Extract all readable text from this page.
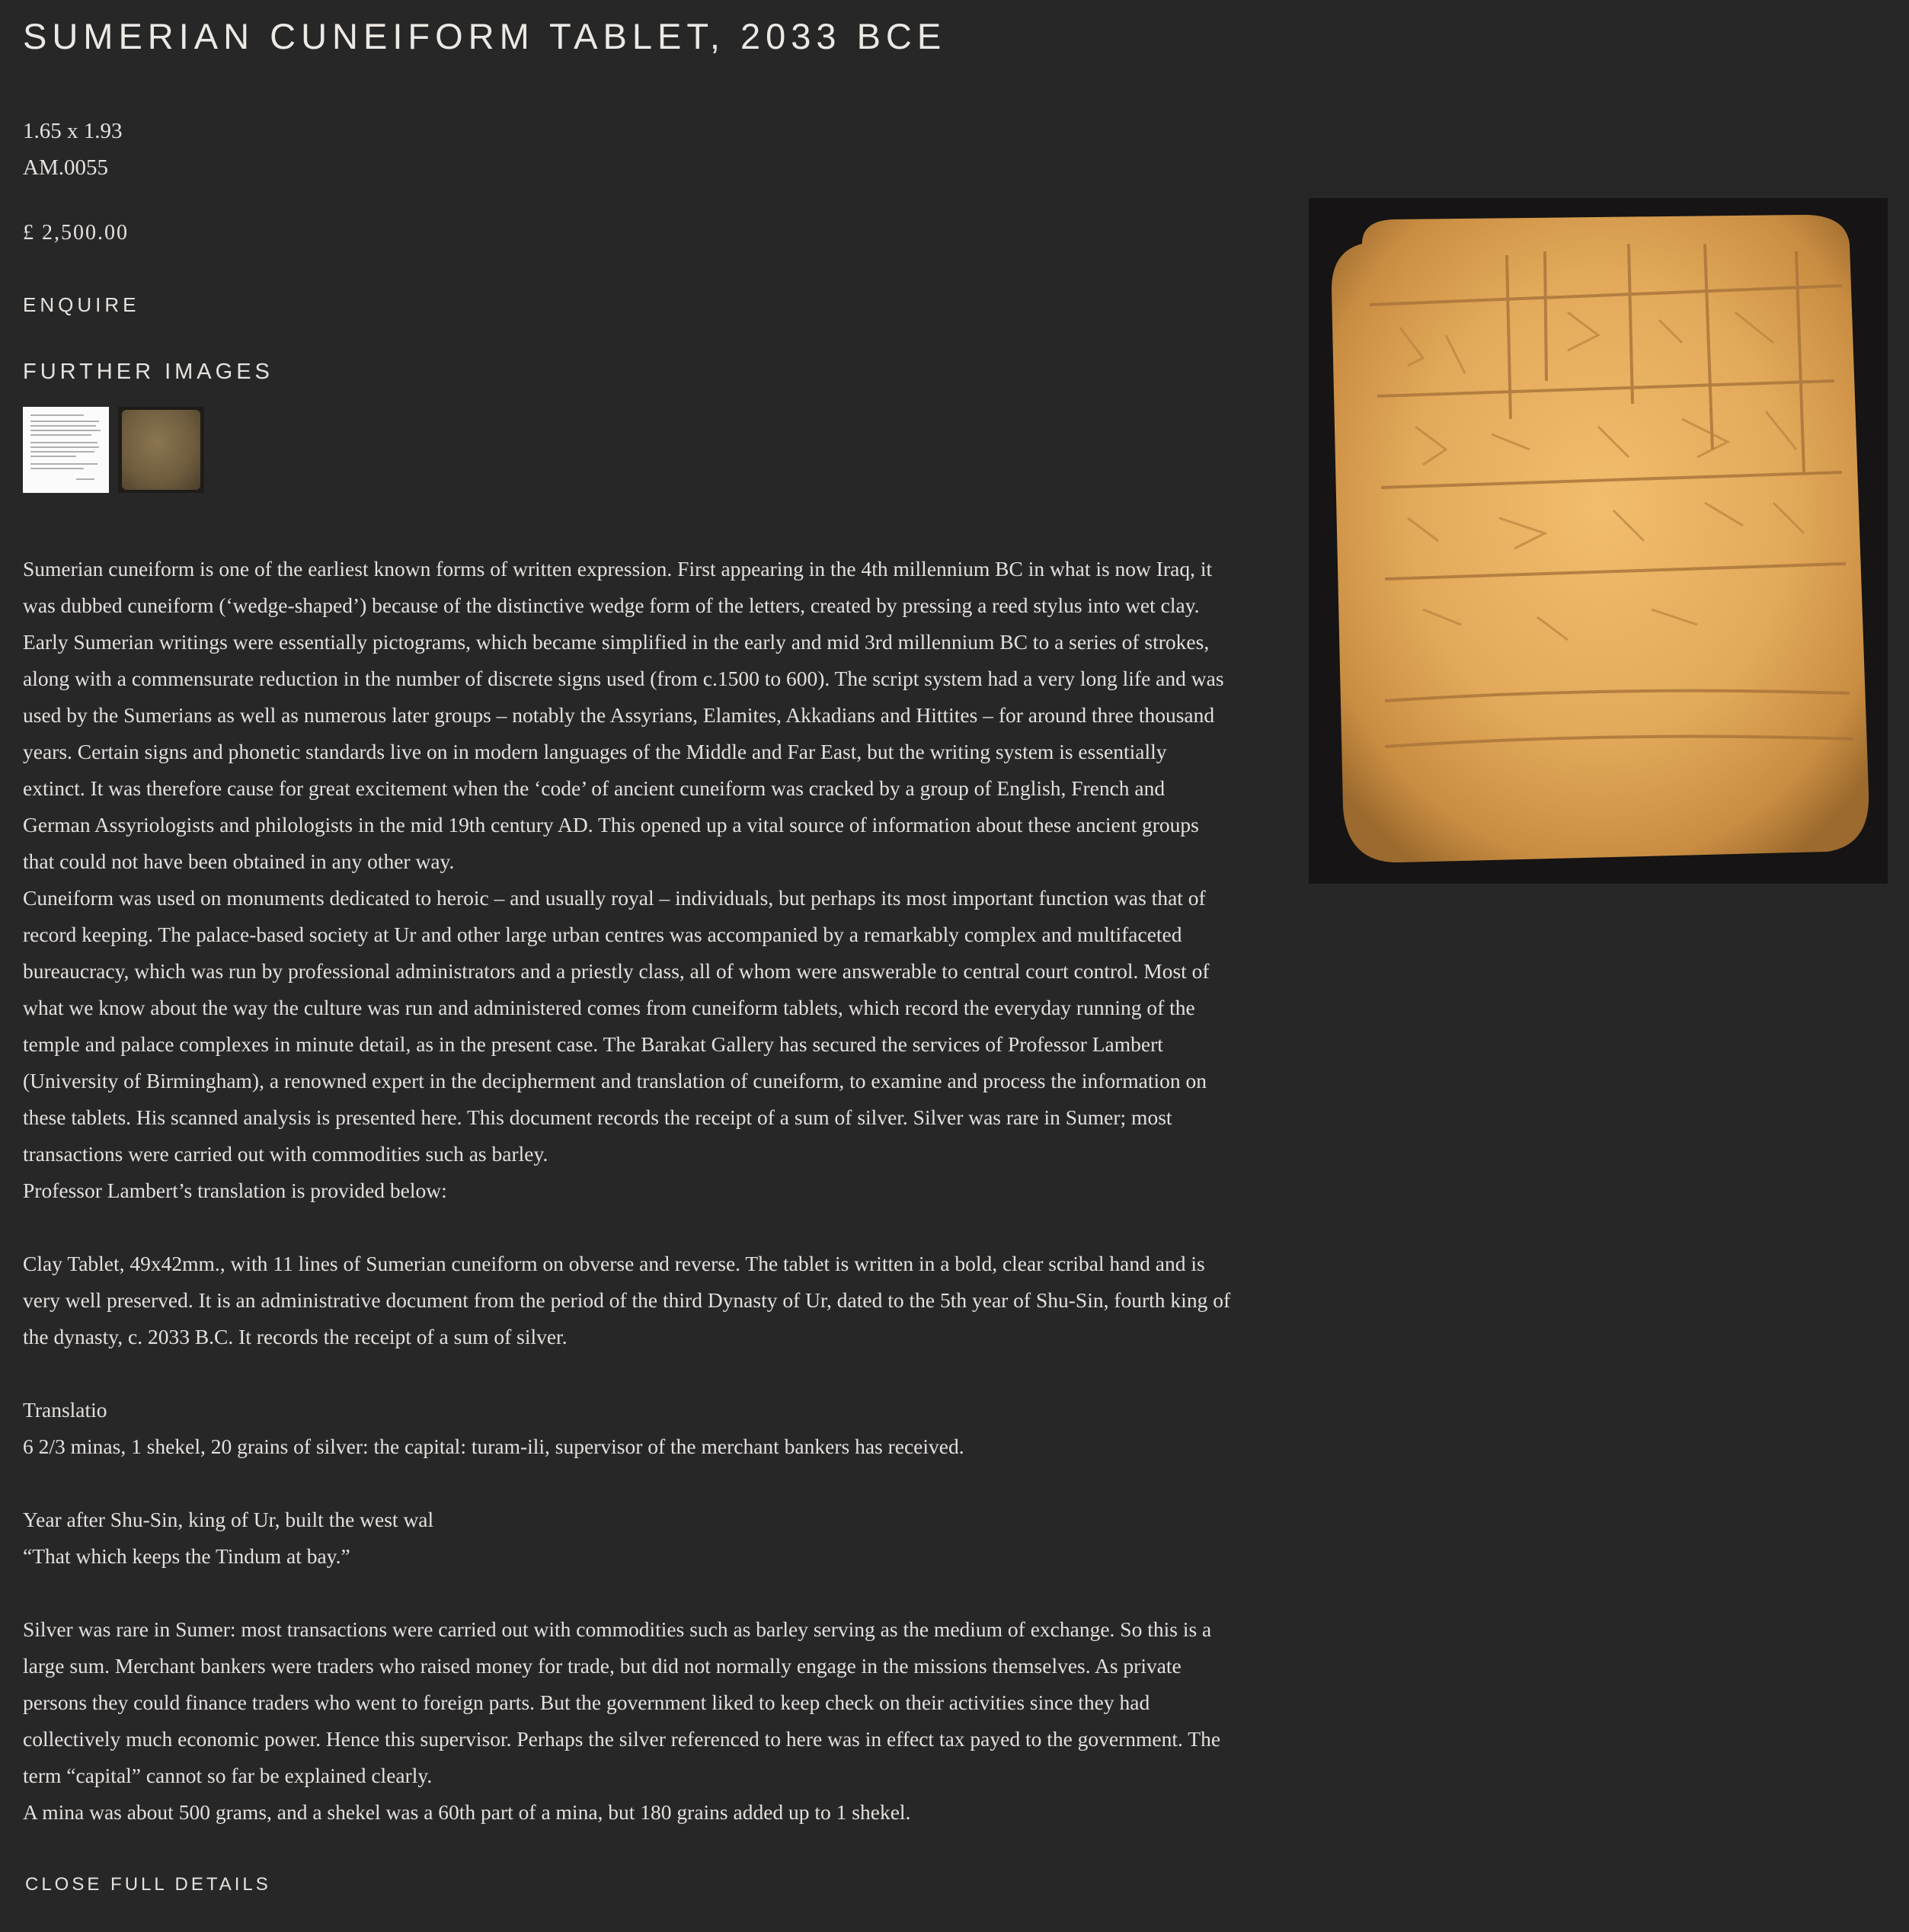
SUMERIAN CUNEIFORM TABLET, 2033 BCE
1.65 x 1.93
AM.0055
£ 2,500.00
ENQUIRE
FURTHER IMAGES

Sumerian cuneiform is one of the earliest known forms of written expression. First appearing in the 4th millennium BC in what is now Iraq, it was dubbed cuneiform (‘wedge-shaped’) because of the distinctive wedge form of the letters, created by pressing a reed stylus into wet clay. Early Sumerian writings were essentially pictograms, which became simplified in the early and mid 3rd millennium BC to a series of strokes, along with a commensurate reduction in the number of discrete signs used (from c.1500 to 600). The script system had a very long life and was used by the Sumerians as well as numerous later groups – notably the Assyrians, Elamites, Akkadians and Hittites – for around three thousand years. Certain signs and phonetic standards live on in modern languages of the Middle and Far East, but the writing system is essentially extinct. It was therefore cause for great excitement when the ‘code’ of ancient cuneiform was cracked by a group of English, French and German Assyriologists and philologists in the mid 19th century AD. This opened up a vital source of information about these ancient groups that could not have been obtained in any other way.

Cuneiform was used on monuments dedicated to heroic – and usually royal – individuals, but perhaps its most important function was that of record keeping. The palace-based society at Ur and other large urban centres was accompanied by a remarkably complex and multifaceted bureaucracy, which was run by professional administrators and a priestly class, all of whom were answerable to central court control. Most of what we know about the way the culture was run and administered comes from cuneiform tablets, which record the everyday running of the temple and palace complexes in minute detail, as in the present case. The Barakat Gallery has secured the services of Professor Lambert (University of Birmingham), a renowned expert in the decipherment and translation of cuneiform, to examine and process the information on these tablets. His scanned analysis is presented here. This document records the receipt of a sum of silver. Silver was rare in Sumer; most transactions were carried out with commodities such as barley.

Professor Lambert’s translation is provided below:

Clay Tablet, 49x42mm., with 11 lines of Sumerian cuneiform on obverse and reverse. The tablet is written in a bold, clear scribal hand and is very well preserved. It is an administrative document from the period of the third Dynasty of Ur, dated to the 5th year of Shu-Sin, fourth king of the dynasty, c. 2033 B.C. It records the receipt of a sum of silver.

Translatio

6 2/3 minas, 1 shekel, 20 grains of silver: the capital: turam-ili, supervisor of the merchant bankers has received.

Year after Shu-Sin, king of Ur, built the west wal

“That which keeps the Tindum at bay.”

Silver was rare in Sumer: most transactions were carried out with commodities such as barley serving as the medium of exchange. So this is a large sum. Merchant bankers were traders who raised money for trade, but did not normally engage in the missions themselves. As private persons they could finance traders who went to foreign parts. But the government liked to keep check on their activities since they had collectively much economic power. Hence this supervisor. Perhaps the silver referenced to here was in effect tax payed to the government. The term “capital” cannot so far be explained clearly.

A mina was about 500 grams, and a shekel was a 60th part of a mina, but 180 grains added up to 1 shekel.

CLOSE FULL DETAILS
